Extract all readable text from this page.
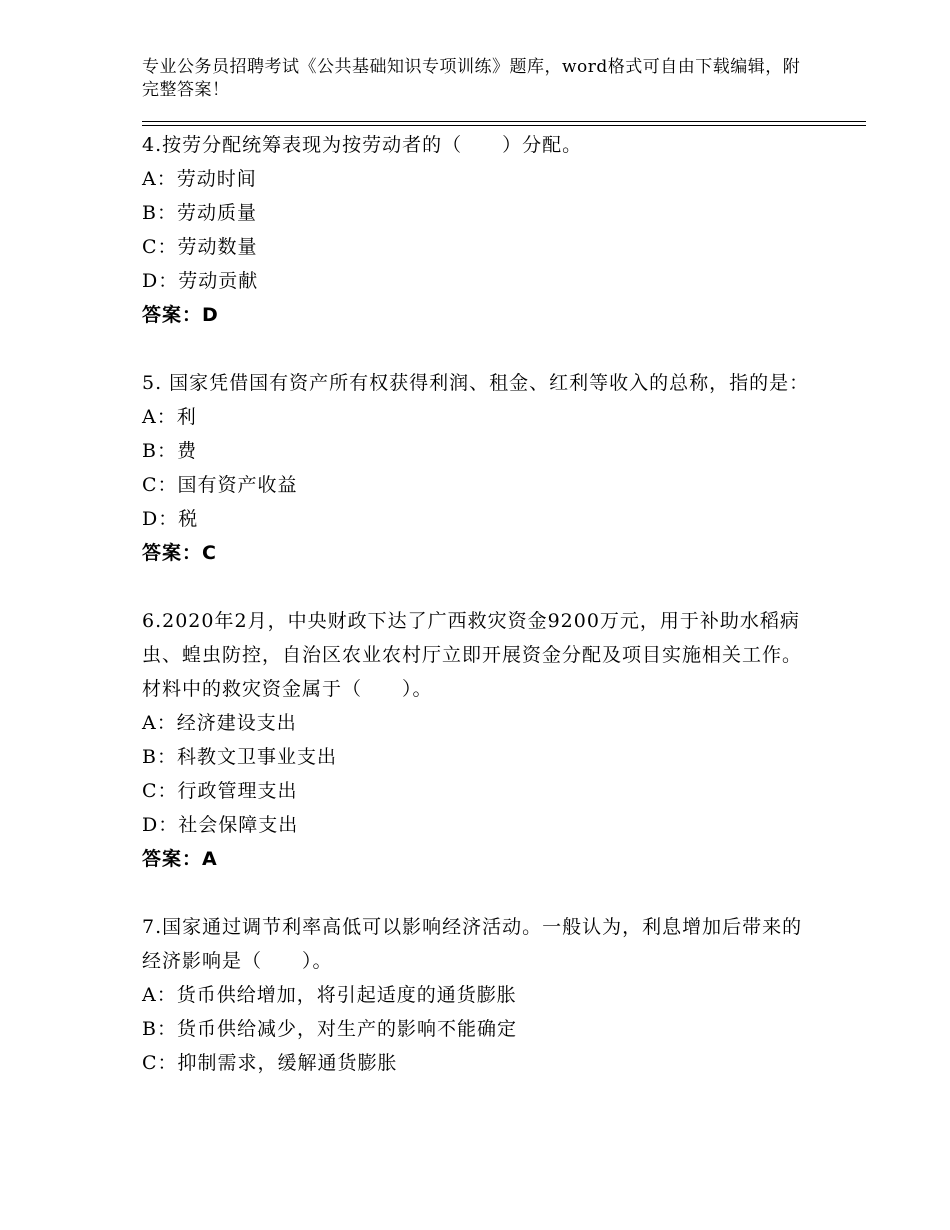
专业公务员招聘考试《公共基础知识专项训练》题库，word格式可自由下载编辑，附完整答案！
4.按劳分配统筹表现为按劳动者的（　　）分配。
A：劳动时间
B：劳动质量
C：劳动数量
D：劳动贡献
答案：D
5. 国家凭借国有资产所有权获得利润、租金、红利等收入的总称，指的是：
A：利
B：费
C：国有资产收益
D：税
答案：C
6.2020年2月，中央财政下达了广西救灾资金9200万元，用于补助水稻病虫、蝗虫防控，自治区农业农村厅立即开展资金分配及项目实施相关工作。材料中的救灾资金属于（　　）。
A：经济建设支出
B：科教文卫事业支出
C：行政管理支出
D：社会保障支出
答案：A
7.国家通过调节利率高低可以影响经济活动。一般认为，利息增加后带来的经济影响是（　　）。
A：货币供给增加，将引起适度的通货膨胀
B：货币供给减少，对生产的影响不能确定
C：抑制需求，缓解通货膨胀
